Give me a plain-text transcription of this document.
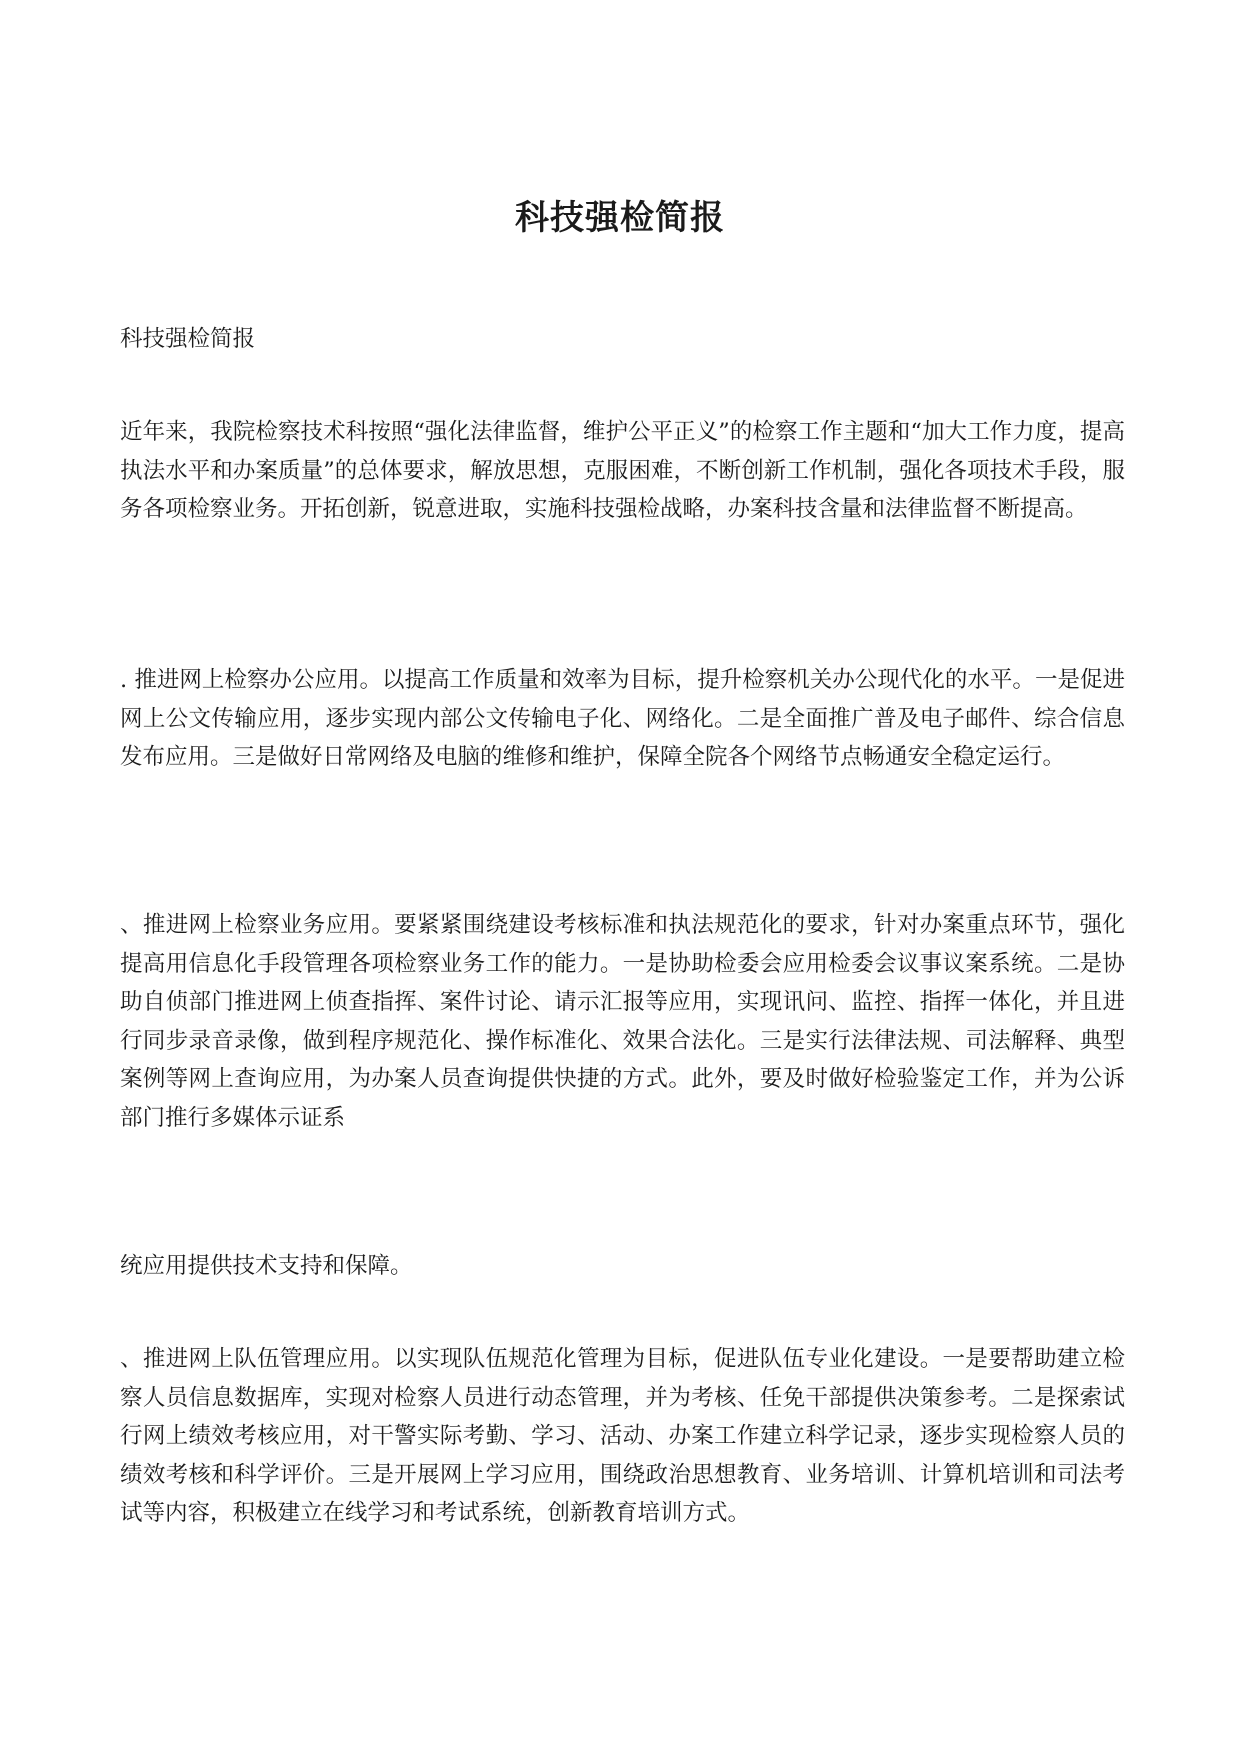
科技强检简报

科技强检简报

近年来，我院检察技术科按照“强化法律监督，维护公平正义”的检察工作主题和“加大工作力度，提高执法水平和办案质量”的总体要求，解放思想，克服困难，不断创新工作机制，强化各项技术手段，服务各项检察业务。开拓创新，锐意进取，实施科技强检战略，办案科技含量和法律监督不断提高。

. 推进网上检察办公应用。以提高工作质量和效率为目标，提升检察机关办公现代化的水平。一是促进网上公文传输应用，逐步实现内部公文传输电子化、网络化。二是全面推广普及电子邮件、综合信息发布应用。三是做好日常网络及电脑的维修和维护，保障全院各个网络节点畅通安全稳定运行。

、推进网上检察业务应用。要紧紧围绕建设考核标准和执法规范化的要求，针对办案重点环节，强化提高用信息化手段管理各项检察业务工作的能力。一是协助检委会应用检委会议事议案系统。二是协助自侦部门推进网上侦查指挥、案件讨论、请示汇报等应用，实现讯问、监控、指挥一体化，并且进行同步录音录像，做到程序规范化、操作标准化、效果合法化。三是实行法律法规、司法解释、典型案例等网上查询应用，为办案人员查询提供快捷的方式。此外，要及时做好检验鉴定工作，并为公诉部门推行多媒体示证系

统应用提供技术支持和保障。

、推进网上队伍管理应用。以实现队伍规范化管理为目标，促进队伍专业化建设。一是要帮助建立检察人员信息数据库，实现对检察人员进行动态管理，并为考核、任免干部提供决策参考。二是探索试行网上绩效考核应用，对干警实际考勤、学习、活动、办案工作建立科学记录，逐步实现检察人员的绩效考核和科学评价。三是开展网上学习应用，围绕政治思想教育、业务培训、计算机培训和司法考试等内容，积极建立在线学习和考试系统，创新教育培训方式。
